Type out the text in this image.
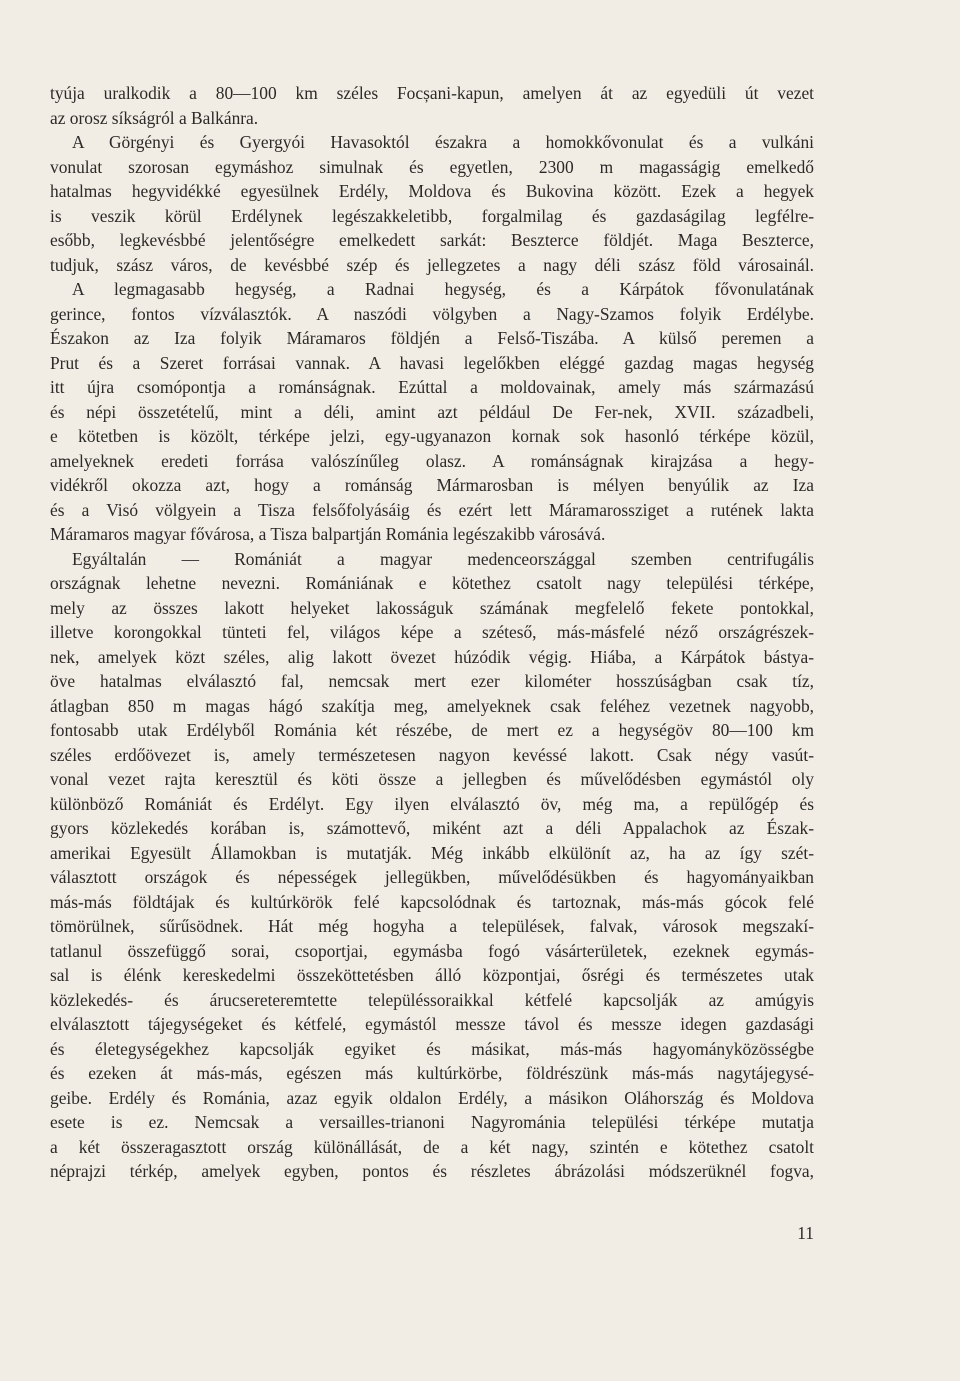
tyúja uralkodik a 80—100 km széles Focșani-kapun, amelyen át az egyedüli út vezet
az orosz síkságról a Balkánra.
A Görgényi és Gyergyói Havasoktól északra a homokkővonulat és a vulkáni
vonulat szorosan egymáshoz simulnak és egyetlen, 2300 m magasságig emelkedő
hatalmas hegyvidékké egyesülnek Erdély, Moldova és Bukovina között. Ezek a hegyek
is veszik körül Erdélynek legészakkeletibb, forgalmilag és gazdaságilag legfélre-
esőbb, legkevésbbé jelentőségre emelkedett sarkát: Beszterce földjét. Maga Beszterce,
tudjuk, szász város, de kevésbbé szép és jellegzetes a nagy déli szász föld városainál.
A legmagasabb hegység, a Radnai hegység, és a Kárpátok fővonulatának
gerince, fontos vízválasztók. A naszódi völgyben a Nagy-Szamos folyik Erdélybe.
Északon az Iza folyik Máramaros földjén a Felső-Tiszába. A külső peremen a
Prut és a Szeret forrásai vannak. A havasi legelőkben eléggé gazdag magas hegység
itt újra csomópontja a románságnak. Ezúttal a moldovainak, amely más származású
és népi összetételű, mint a déli, amint azt például De Fer-nek, XVII. századbeli,
e kötetben is közölt, térképe jelzi, egy-ugyanazon kornak sok hasonló térképe közül,
amelyeknek eredeti forrása valószínűleg olasz. A románságnak kirajzása a hegy-
vidékről okozza azt, hogy a románság Mármarosban is mélyen benyúlik az Iza
és a Visó völgyein a Tisza felsőfolyásáig és ezért lett Máramarossziget a rutének lakta
Máramaros magyar fővárosa, a Tisza balpartján Románia legészakibb városává.
Egyáltalán — Romániát a magyar medenceországgal szemben centrifugális
országnak lehetne nevezni. Romániának e kötethez csatolt nagy települési térképe,
mely az összes lakott helyeket lakosságuk számának megfelelő fekete pontokkal,
illetve korongokkal tünteti fel, világos képe a széteső, más-másfelé néző országrészek-
nek, amelyek közt széles, alig lakott övezet húzódik végig. Hiába, a Kárpátok bástya-
öve hatalmas elválasztó fal, nemcsak mert ezer kilométer hosszúságban csak tíz,
átlagban 850 m magas hágó szakítja meg, amelyeknek csak feléhez vezetnek nagyobb,
fontosabb utak Erdélyből Románia két részébe, de mert ez a hegységöv 80—100 km
széles erdőövezet is, amely természetesen nagyon kevéssé lakott. Csak négy vasút-
vonal vezet rajta keresztül és köti össze a jellegben és művelődésben egymástól oly
különböző Romániát és Erdélyt. Egy ilyen elválasztó öv, még ma, a repülőgép és
gyors közlekedés korában is, számottevő, miként azt a déli Appalachok az Észak-
amerikai Egyesült Államokban is mutatják. Még inkább elkülönít az, ha az így szét-
választott országok és népességek jellegükben, művelődésükben és hagyományaikban
más-más földtájak és kultúrkörök felé kapcsolódnak és tartoznak, más-más gócok felé
tömörülnek, sűrűsödnek. Hát még hogyha a települések, falvak, városok megszakí-
tatlanul összefüggő sorai, csoportjai, egymásba fogó vásárterületek, ezeknek egymás-
sal is élénk kereskedelmi összeköttetésben álló központjai, ősrégi és természetes utak
közlekedés- és árucsereteremtette településsoraikkal kétfelé kapcsolják az amúgyis
elválasztott tájegységeket és kétfelé, egymástól messze távol és messze idegen gazdasági
és életegységekhez kapcsolják egyiket és másikat, más-más hagyományközösségbe
és ezeken át más-más, egészen más kultúrkörbe, földrészünk más-más nagytájegysé-
geibe. Erdély és Románia, azaz egyik oldalon Erdély, a másikon Oláhország és Moldova
esete is ez. Nemcsak a versailles-trianoni Nagyrománia települési térképe mutatja
a két összeragasztott ország különállását, de a két nagy, szintén e kötethez csatolt
néprajzi térkép, amelyek egyben, pontos és részletes ábrázolási módszerüknél fogva,
11
